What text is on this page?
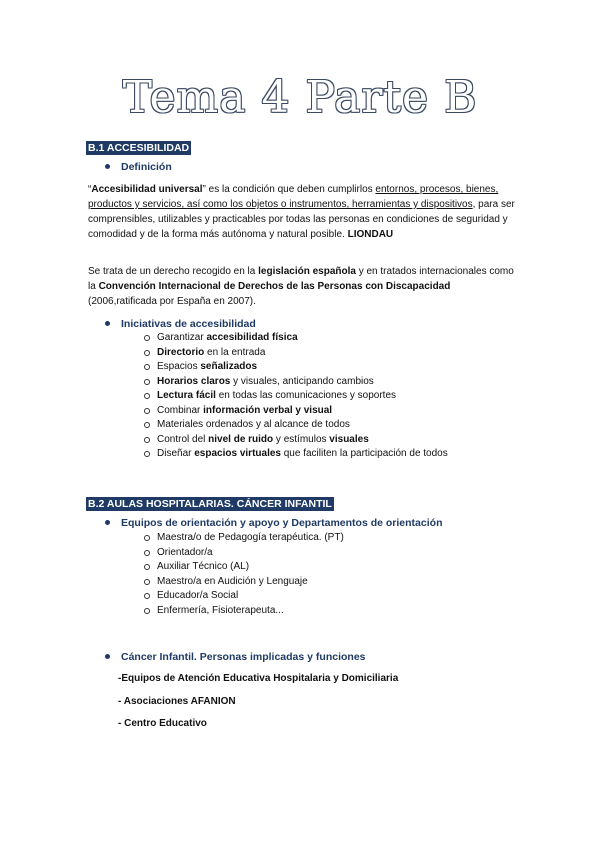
Tema 4 Parte B
B.1 ACCESIBILIDAD
Definición

“Accesibilidad universal” es la condición que deben cumplirlos entornos, procesos, bienes, productos y servicios, así como los objetos o instrumentos, herramientas y dispositivos, para ser comprensibles, utilizables y practicables por todas las personas en condiciones de seguridad y comodidad y de la forma más autónoma y natural posible. LIONDAU

Se trata de un derecho recogido en la legislación española y en tratados internacionales como la Convención Internacional de Derechos de las Personas con Discapacidad (2006,ratificada por España en 2007).

Iniciativas de accesibilidad
Garantizar accesibilidad física
Directorio en la entrada
Espacios señalizados
Horarios claros y visuales, anticipando cambios
Lectura fácil en todas las comunicaciones y soportes
Combinar información verbal y visual
Materiales ordenados y al alcance de todos
Control del nivel de ruido y estímulos visuales
Diseñar espacios virtuales que faciliten la participación de todos
B.2 AULAS HOSPITALARIAS. CÁNCER INFANTIL
Equipos de orientación y apoyo y Departamentos de orientación
Maestra/o de Pedagogía terapéutica. (PT)
Orientador/a
Auxiliar Técnico (AL)
Maestro/a en Audición y Lenguaje
Educador/a Social
Enfermería, Fisioterapeuta...
Cáncer Infantil. Personas implicadas y funciones
-Equipos de Atención Educativa Hospitalaria y Domiciliaria
- Asociaciones AFANION
- Centro Educativo
